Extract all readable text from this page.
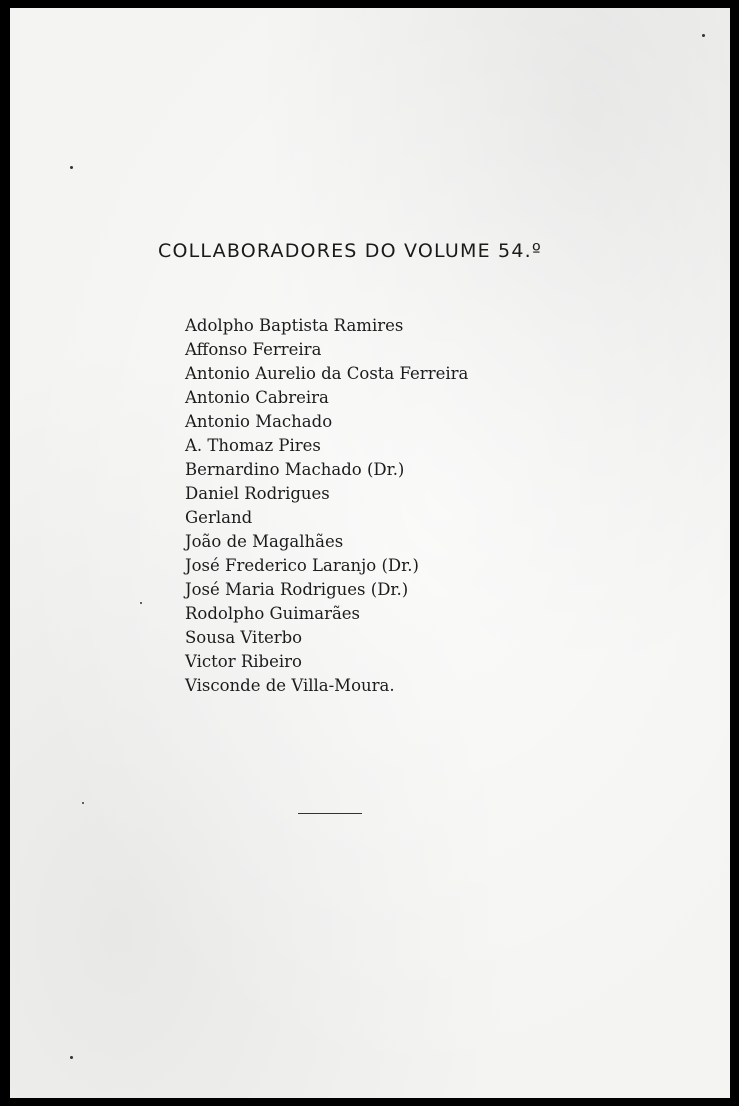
COLLABORADORES DO VOLUME 54.º
Adolpho Baptista Ramires
Affonso Ferreira
Antonio Aurelio da Costa Ferreira
Antonio Cabreira
Antonio Machado
A. Thomaz Pires
Bernardino Machado (Dr.)
Daniel Rodrigues
Gerland
João de Magalhães
José Frederico Laranjo (Dr.)
José Maria Rodrigues (Dr.)
Rodolpho Guimarães
Sousa Viterbo
Victor Ribeiro
Visconde de Villa-Moura.
